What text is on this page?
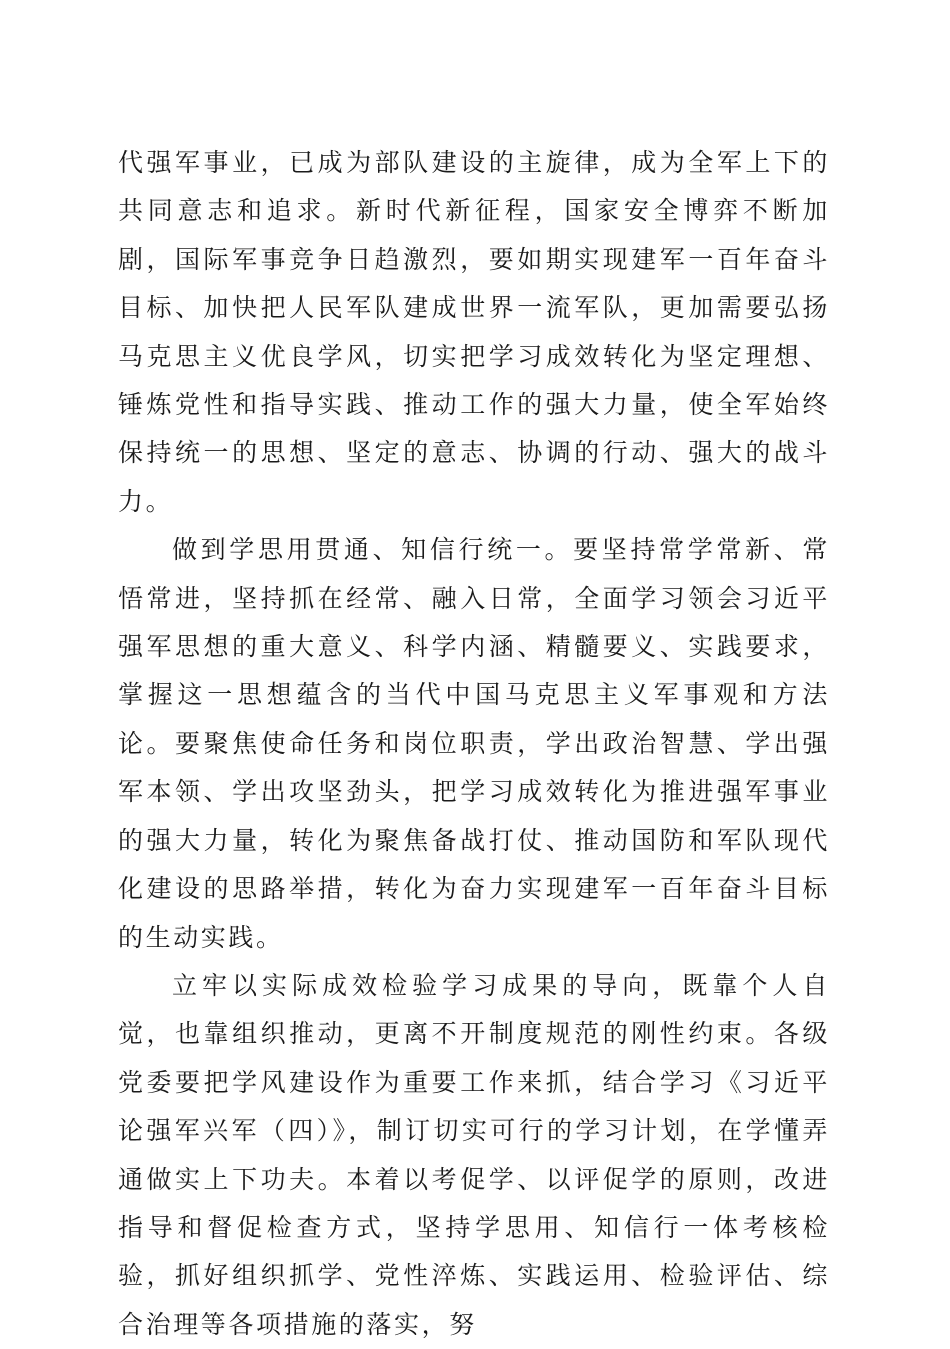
代强军事业，已成为部队建设的主旋律，成为全军上下的共同意志和追求。新时代新征程，国家安全博弈不断加剧，国际军事竞争日趋激烈，要如期实现建军一百年奋斗目标、加快把人民军队建成世界一流军队，更加需要弘扬马克思主义优良学风，切实把学习成效转化为坚定理想、锤炼党性和指导实践、推动工作的强大力量，使全军始终保持统一的思想、坚定的意志、协调的行动、强大的战斗力。

做到学思用贯通、知信行统一。要坚持常学常新、常悟常进，坚持抓在经常、融入日常，全面学习领会习近平强军思想的重大意义、科学内涵、精髓要义、实践要求，掌握这一思想蕴含的当代中国马克思主义军事观和方法论。要聚焦使命任务和岗位职责，学出政治智慧、学出强军本领、学出攻坚劲头，把学习成效转化为推进强军事业的强大力量，转化为聚焦备战打仗、推动国防和军队现代化建设的思路举措，转化为奋力实现建军一百年奋斗目标的生动实践。

立牢以实际成效检验学习成果的导向，既靠个人自觉，也靠组织推动，更离不开制度规范的刚性约束。各级党委要把学风建设作为重要工作来抓，结合学习《习近平论强军兴军（四）》，制订切实可行的学习计划，在学懂弄通做实上下功夫。本着以考促学、以评促学的原则，改进指导和督促检查方式，坚持学思用、知信行一体考核检验，抓好组织抓学、党性淬炼、实践运用、检验评估、综合治理等各项措施的落实，努
